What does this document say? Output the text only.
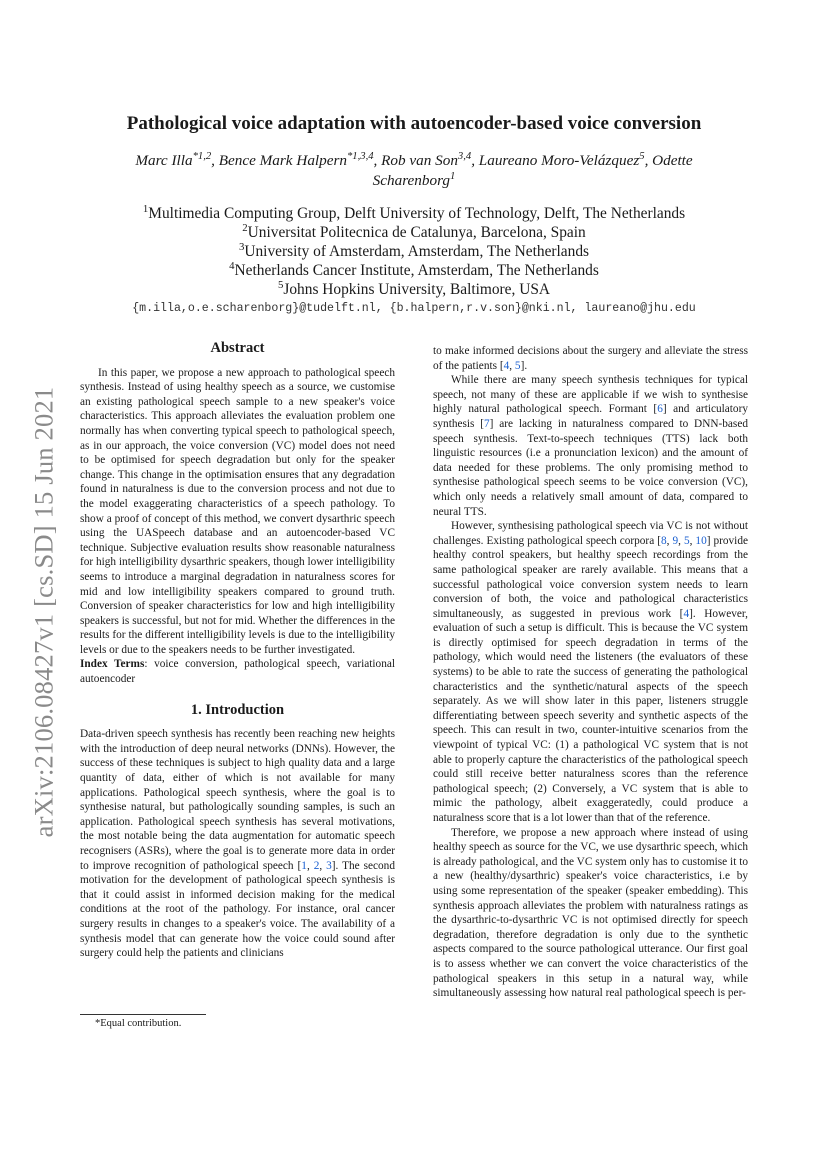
arXiv:2106.08427v1 [cs.SD] 15 Jun 2021
Pathological voice adaptation with autoencoder-based voice conversion
Marc Illa$^{*1,2}$, Bence Mark Halpern$^{*1,3,4}$, Rob van Son$^{3,4}$, Laureano Moro-Velázquez$^5$, Odette Scharenborg$^1$
$^1$Multimedia Computing Group, Delft University of Technology, Delft, The Netherlands
$^2$Universitat Politecnica de Catalunya, Barcelona, Spain
$^3$University of Amsterdam, Amsterdam, The Netherlands
$^4$Netherlands Cancer Institute, Amsterdam, The Netherlands
$^5$Johns Hopkins University, Baltimore, USA
{m.illa,o.e.scharenborg}@tudelft.nl, {b.halpern,r.v.son}@nki.nl, laureano@jhu.edu
Abstract

In this paper, we propose a new approach to pathological speech synthesis. Instead of using healthy speech as a source, we customise an existing pathological speech sample to a new speaker's voice characteristics. This approach alleviates the evaluation problem one normally has when converting typical speech to pathological speech, as in our approach, the voice conversion (VC) model does not need to be optimised for speech degradation but only for the speaker change. This change in the optimisation ensures that any degradation found in naturalness is due to the conversion process and not due to the model exaggerating characteristics of a speech pathology. To show a proof of concept of this method, we convert dysarthric speech using the UASpeech database and an autoencoder-based VC technique. Subjective evaluation results show reasonable naturalness for high intelligibility dysarthric speakers, though lower intelligibility seems to introduce a marginal degradation in naturalness scores for mid and low intelligibility speakers compared to ground truth. Conversion of speaker characteristics for low and high intelligibility speakers is successful, but not for mid. Whether the differences in the results for the different intelligibility levels is due to the intelligibility levels or due to the speakers needs to be further investigated.

Index Terms: voice conversion, pathological speech, variational autoencoder

1. Introduction

Data-driven speech synthesis has recently been reaching new heights with the introduction of deep neural networks (DNNs). However, the success of these techniques is subject to high quality data and a large quantity of data, either of which is not available for many applications. Pathological speech synthesis, where the goal is to synthesise natural, but pathologically sounding samples, is such an application. Pathological speech synthesis has several motivations, the most notable being the data augmentation for automatic speech recognisers (ASRs), where the goal is to generate more data in order to improve recognition of pathological speech [1, 2, 3]. The second motivation for the development of pathological speech synthesis is that it could assist in informed decision making for the medical conditions at the root of the pathology. For instance, oral cancer surgery results in changes to a speaker's voice. The availability of a synthesis model that can generate how the voice could sound after surgery could help the patients and clinicians

*Equal contribution.

to make informed decisions about the surgery and alleviate the stress of the patients [4, 5].

While there are many speech synthesis techniques for typical speech, not many of these are applicable if we wish to synthesise highly natural pathological speech. Formant [6] and articulatory synthesis [7] are lacking in naturalness compared to DNN-based speech synthesis. Text-to-speech techniques (TTS) lack both linguistic resources (i.e a pronunciation lexicon) and the amount of data needed for these problems. The only promising method to synthesise pathological speech seems to be voice conversion (VC), which only needs a relatively small amount of data, compared to neural TTS.

However, synthesising pathological speech via VC is not without challenges. Existing pathological speech corpora [8, 9, 5, 10] provide healthy control speakers, but healthy speech recordings from the same pathological speaker are rarely available. This means that a successful pathological voice conversion system needs to learn conversion of both, the voice and pathological characteristics simultaneously, as suggested in previous work [4]. However, evaluation of such a setup is difficult. This is because the VC system is directly optimised for speech degradation in terms of the pathology, which would need the listeners (the evaluators of these systems) to be able to rate the success of generating the pathological characteristics and the synthetic/natural aspects of the speech separately. As we will show later in this paper, listeners struggle differentiating between speech severity and synthetic aspects of the speech. This can result in two, counter-intuitive scenarios from the viewpoint of typical VC: (1) a pathological VC system that is not able to properly capture the characteristics of the pathological speech could still receive better naturalness scores than the reference pathological speech; (2) Conversely, a VC system that is able to mimic the pathology, albeit exaggeratedly, could produce a naturalness score that is a lot lower than that of the reference.

Therefore, we propose a new approach where instead of using healthy speech as source for the VC, we use dysarthric speech, which is already pathological, and the VC system only has to customise it to a new (healthy/dysarthric) speaker's voice characteristics, i.e by using some representation of the speaker (speaker embedding). This synthesis approach alleviates the problem with naturalness ratings as the dysarthric-to-dysarthric VC is not optimised directly for speech degradation, therefore degradation is only due to the synthetic aspects compared to the source pathological utterance. Our first goal is to assess whether we can convert the voice characteristics of the pathological speakers in this setup in a natural way, while simultaneously assessing how natural real pathological speech is per-
